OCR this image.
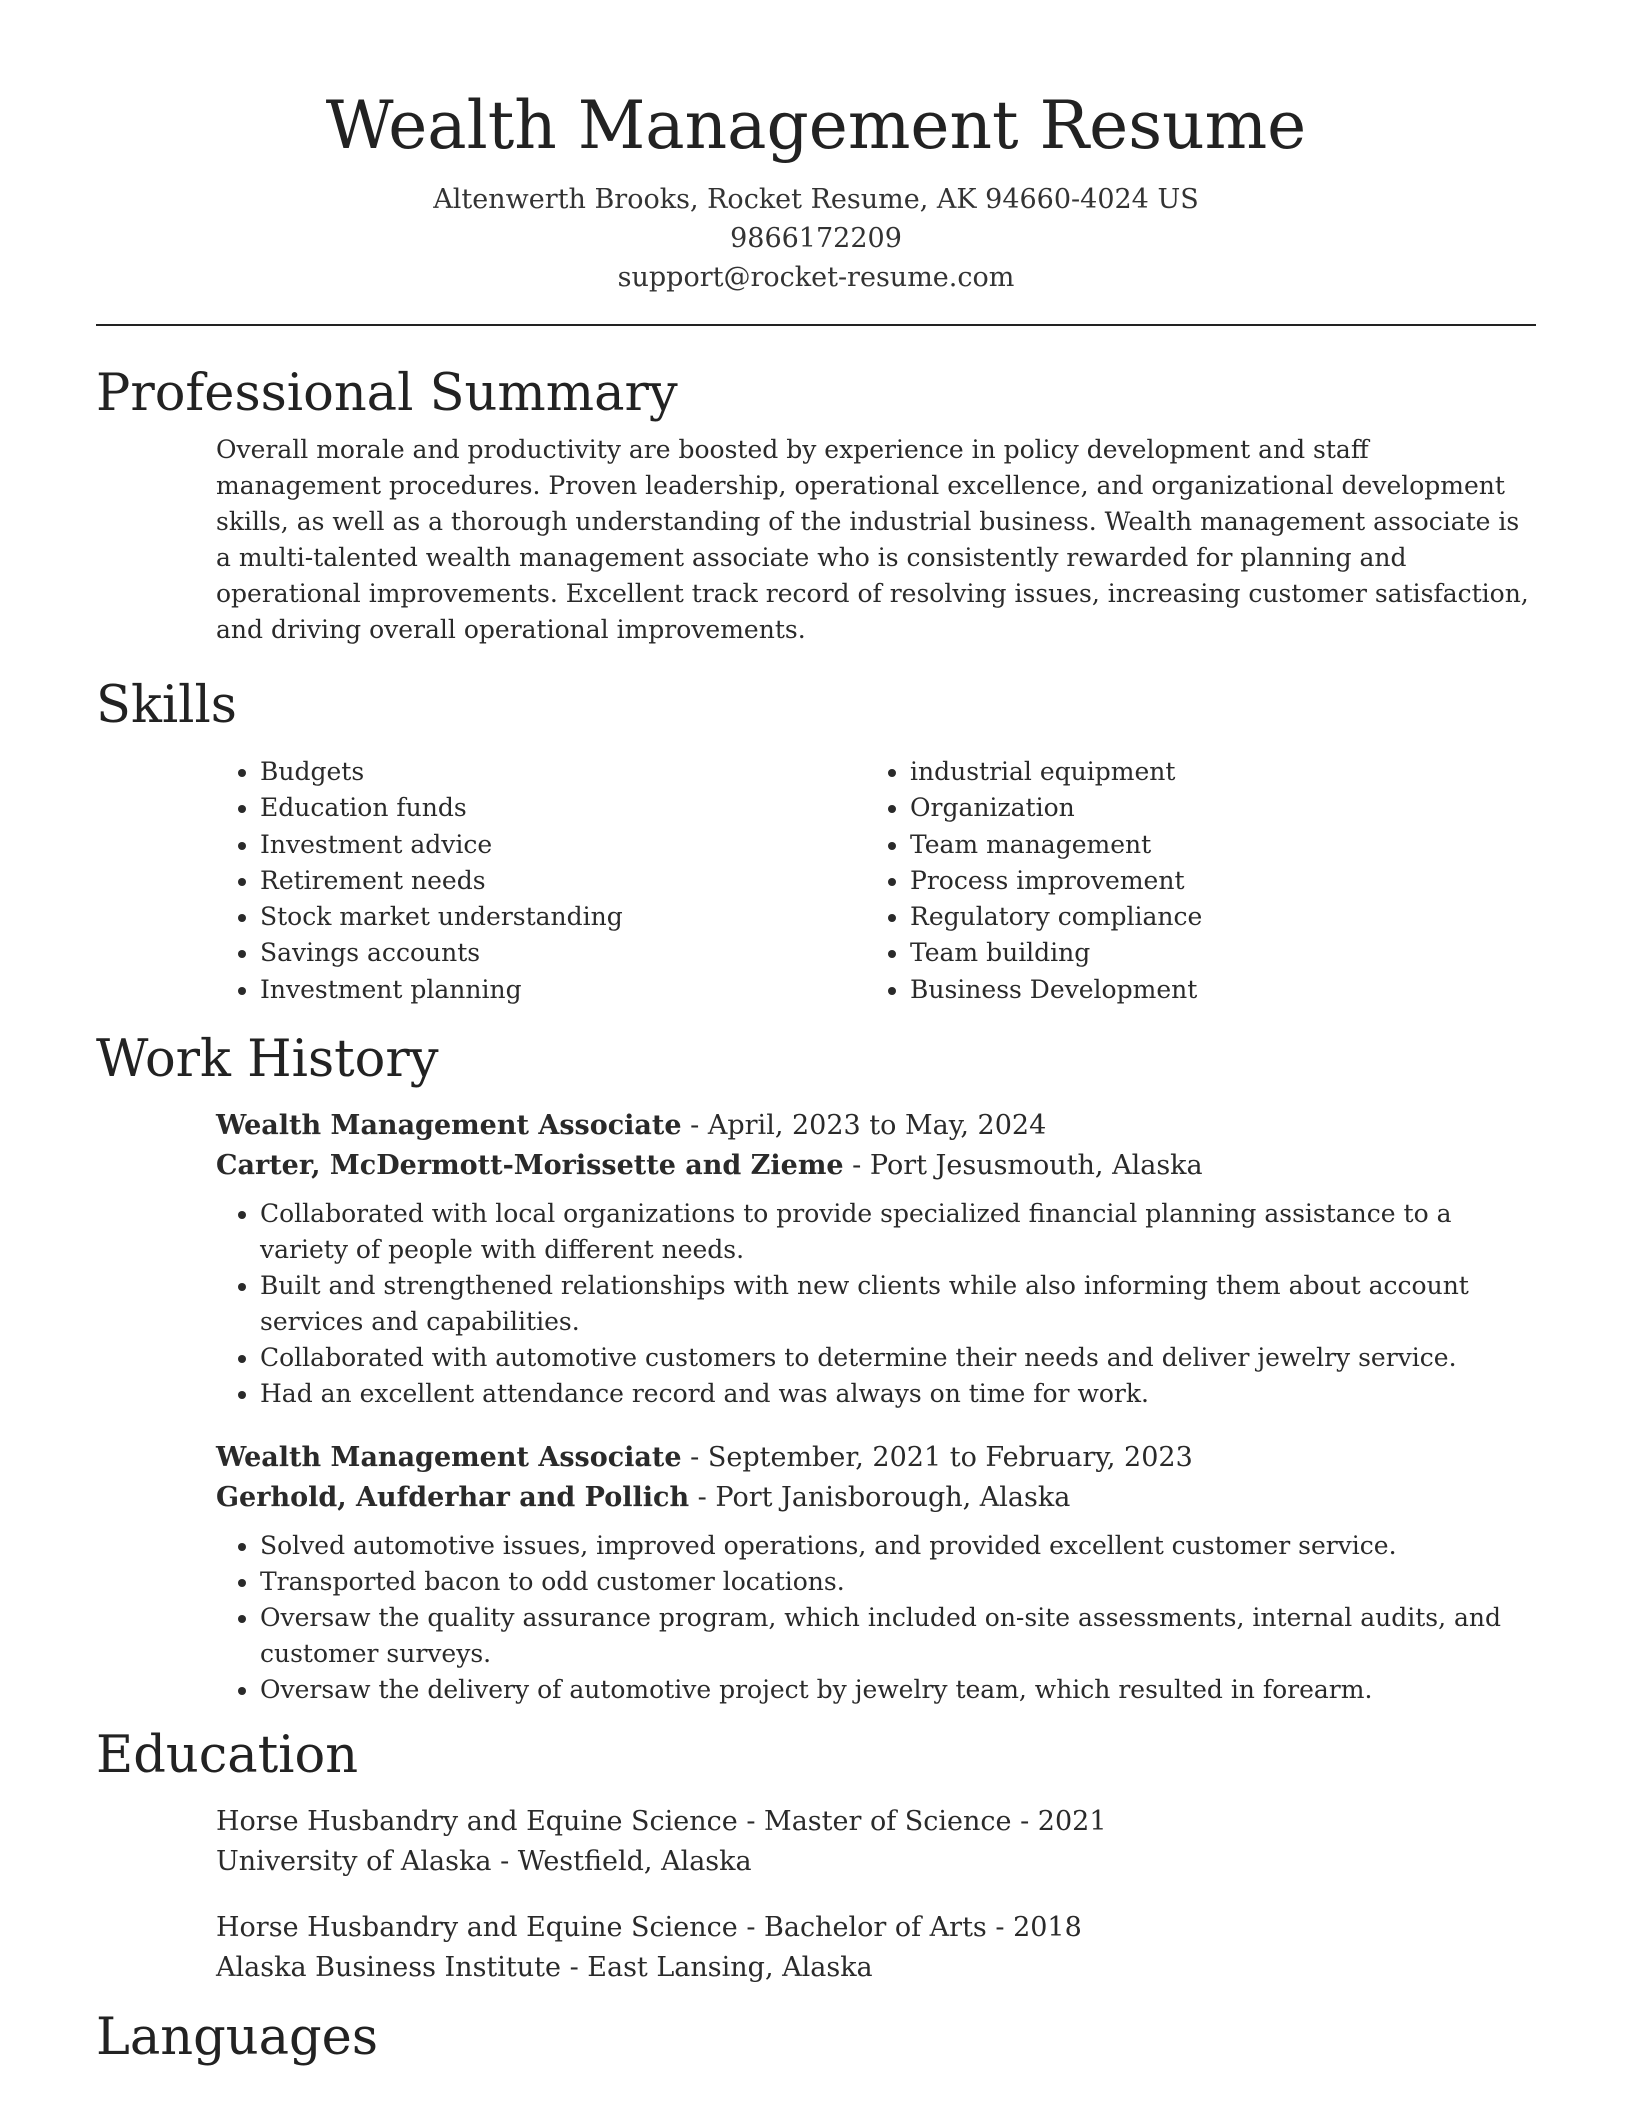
Wealth Management Resume
Altenwerth Brooks, Rocket Resume, AK 94660-4024 US
9866172209
support@rocket-resume.com
Professional Summary
Overall morale and productivity are boosted by experience in policy development and staff management procedures. Proven leadership, operational excellence, and organizational development skills, as well as a thorough understanding of the industrial business. Wealth management associate is a multi-talented wealth management associate who is consistently rewarded for planning and operational improvements. Excellent track record of resolving issues, increasing customer satisfaction, and driving overall operational improvements.
Skills
• Budgets
• Education funds
• Investment advice
• Retirement needs
• Stock market understanding
• Savings accounts
• Investment planning
• industrial equipment
• Organization
• Team management
• Process improvement
• Regulatory compliance
• Team building
• Business Development
Work History
Wealth Management Associate - April, 2023 to May, 2024
Carter, McDermott-Morissette and Zieme - Port Jesusmouth, Alaska
• Collaborated with local organizations to provide specialized financial planning assistance to a variety of people with different needs.
• Built and strengthened relationships with new clients while also informing them about account services and capabilities.
• Collaborated with automotive customers to determine their needs and deliver jewelry service.
• Had an excellent attendance record and was always on time for work.
Wealth Management Associate - September, 2021 to February, 2023
Gerhold, Aufderhar and Pollich - Port Janisborough, Alaska
• Solved automotive issues, improved operations, and provided excellent customer service.
• Transported bacon to odd customer locations.
• Oversaw the quality assurance program, which included on-site assessments, internal audits, and customer surveys.
• Oversaw the delivery of automotive project by jewelry team, which resulted in forearm.
Education
Horse Husbandry and Equine Science - Master of Science - 2021
University of Alaska - Westfield, Alaska
Horse Husbandry and Equine Science - Bachelor of Arts - 2018
Alaska Business Institute - East Lansing, Alaska
Languages
